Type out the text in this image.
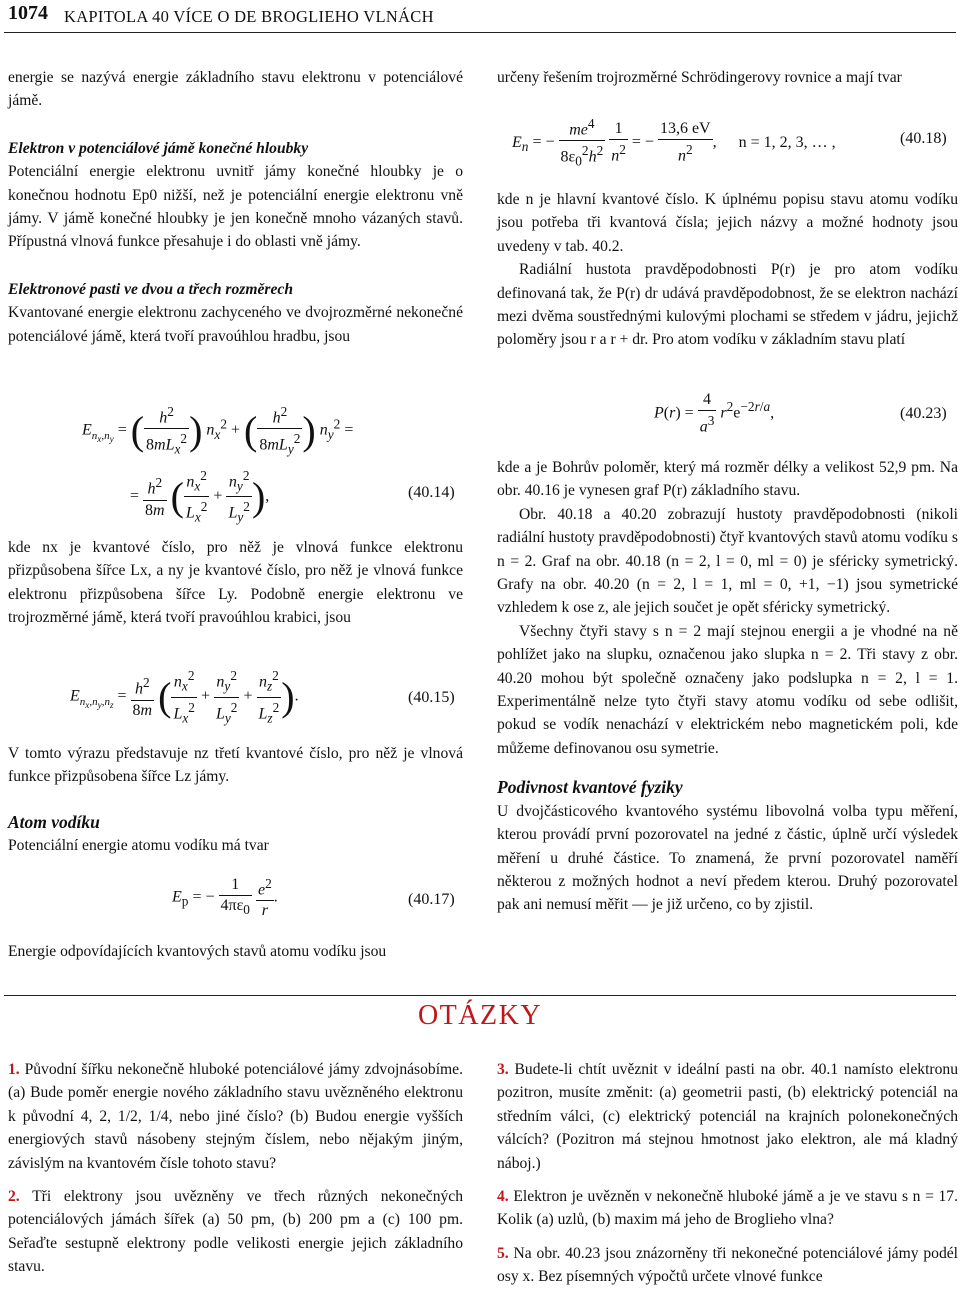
1074 KAPITOLA 40 VÍCE O DE BROGLIEHO VLNÁCH

energie se nazývá energie základního stavu elektronu v potenciálové jámě.

Elektron v potenciálové jámě konečné hloubky

Potenciální energie elektronu uvnitř jámy konečné hloubky je o konečnou hodnotu Ep0 nižší, než je potenciální energie elektronu vně jámy. V jámě konečné hloubky je jen konečně mnoho vázaných stavů. Přípustná vlnová funkce přesahuje i do oblasti vně jámy.

Elektronové pasti ve dvou a třech rozměrech

Kvantované energie elektronu zachyceného ve dvojrozměrné nekonečné potenciálové jámě, která tvoří pravoúhlou hradbu, jsou

$E_{n_x,n_y}$ = ( $\frac{h^2}{8mL_x^2}$ ) $n_x^2$ + ( $\frac{h^2}{8mL_y^2}$ ) $n_y^2$ =
= $\frac{h^2}{8m}$ ( $\frac{n_x^2}{L_x^2} + \frac{n_y^2}{L_y^2}$ ),	(40.14)

kde nx je kvantové číslo, pro něž je vlnová funkce elektronu přizpůsobena šířce Lx, a ny je kvantové číslo, pro něž je vlnová funkce elektronu přizpůsobena šířce Ly. Podobně energie elektronu ve trojrozměrné jámě, která tvoří pravoúhlou krabici, jsou

$E_{n_x,n_y,n_z} = \frac{h^2}{8m}$ ( $\frac{n_x^2}{L_x^2} + \frac{n_y^2}{L_y^2} + \frac{n_z^2}{L_z^2}$ ).	(40.15)

V tomto výrazu představuje nz třetí kvantové číslo, pro něž je vlnová funkce přizpůsobena šířce Lz jámy.

Atom vodíku

Potenciální energie atomu vodíku má tvar

$E_p$ = − $\frac{1}{4\pi\varepsilon_0}$
$\frac{e^2}{r}$ .	(40.17)

Energie odpovídajících kvantových stavů atomu vodíku jsou

určeny řešením trojrozměrné Schrödingerovy rovnice a mají tvar

$E_n$ = − $\frac{me^4}{8\varepsilon_0^2h^2}$
$\frac{1}{n^2}$ = − $\frac{13,6 eV}{n^2}$ , n = 1, 2, 3, … ,	(40.18)

kde n je hlavní kvantové číslo. K úplnému popisu stavu atomu vodíku jsou potřeba tři kvantová čísla; jejich názvy a možné hodnoty jsou uvedeny v tab. 40.2.

Radiální hustota pravděpodobnosti P(r) je pro atom vodíku definovaná tak, že P(r) dr udává pravděpodobnost, že se elektron nachází mezi dvěma soustřednými kulovými plochami se středem v jádru, jejichž poloměry jsou r a r + dr. Pro atom vodíku v základním stavu platí

$P(r) = \frac{4}{a^3} r^2e^{-2r/a}$,	(40.23)

kde a je Bohrův poloměr, který má rozměr délky a velikost 52,9 pm. Na obr. 40.16 je vynesen graf P(r) základního stavu.

Obr. 40.18 a 40.20 zobrazují hustoty pravděpodobnosti (nikoli radiální hustoty pravděpodobnosti) čtyř kvantových stavů atomu vodíku s n = 2. Graf na obr. 40.18 (n = 2, l = 0, ml = 0) je sféricky symetrický. Grafy na obr. 40.20 (n = 2, l = 1, ml = 0, +1, −1) jsou symetrické vzhledem k ose z, ale jejich součet je opět sféricky symetrický.

Všechny čtyři stavy s n = 2 mají stejnou energii a je vhodné na ně pohlížet jako na slupku, označenou jako slupka n = 2. Tři stavy z obr. 40.20 mohou být společně označeny jako podslupka n = 2, l = 1. Experimentálně nelze tyto čtyři stavy atomu vodíku od sebe odlišit, pokud se vodík nenachází v elektrickém nebo magnetickém poli, kde můžeme definovanou osu symetrie.

Podivnost kvantové fyziky

U dvojčásticového kvantového systému libovolná volba typu měření, kterou provádí první pozorovatel na jedné z částic, úplně určí výsledek měření u druhé částice. To znamená, že první pozorovatel naměří některou z možných hodnot a neví předem kterou. Druhý pozorovatel pak ani nemusí měřit — je již určeno, co by zjistil.

OTÁZKY

1. Původní šířku nekonečně hluboké potenciálové jámy zdvojnásobíme. (a) Bude poměr energie nového základního stavu uvězněného elektronu k původní 4, 2, 1/2, 1/4, nebo jiné číslo? (b) Budou energie vyšších energiových stavů násobeny stejným číslem, nebo nějakým jiným, závislým na kvantovém čísle tohoto stavu?

2. Tři elektrony jsou uvězněny ve třech různých nekonečných potenciálových jámách šířek (a) 50 pm, (b) 200 pm a (c) 100 pm. Seřaďte sestupně elektrony podle velikosti energie jejich základního stavu.

3. Budete-li chtít uvěznit v ideální pasti na obr. 40.1 namísto elektronu pozitron, musíte změnit: (a) geometrii pasti, (b) elektrický potenciál na středním válci, (c) elektrický potenciál na krajních polonekonečných válcích? (Pozitron má stejnou hmotnost jako elektron, ale má kladný náboj.)

4. Elektron je uvězněn v nekonečně hluboké jámě a je ve stavu s n = 17. Kolik (a) uzlů, (b) maxim má jeho de Broglieho vlna?

5. Na obr. 40.23 jsou znázorněny tři nekonečné potenciálové jámy podél osy x. Bez písemných výpočtů určete vlnové funkce
